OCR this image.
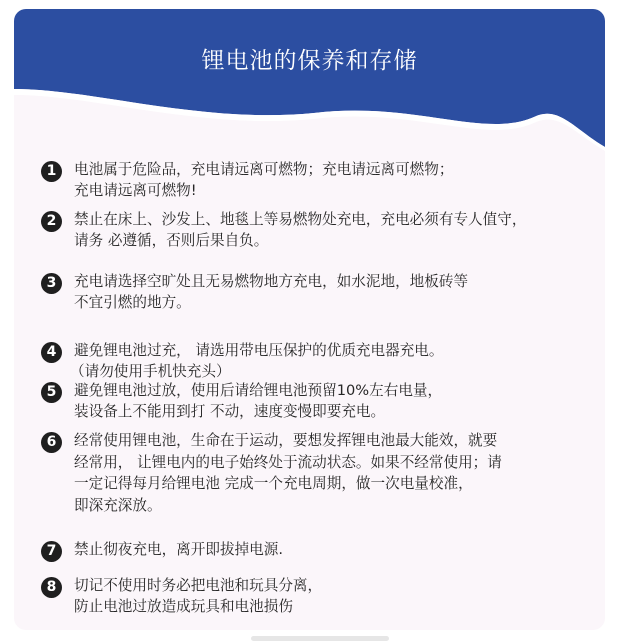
锂电池的保养和存储
1	电池属于危险品，充电请远离可燃物；充电请远离可燃物；
充电请远离可燃物!
2	禁止在床上、沙发上、地毯上等易燃物处充电，充电必须有专人值守，
请务 必遵循，否则后果自负。
3	充电请选择空旷处且无易燃物地方充电，如水泥地，地板砖等
不宜引燃的地方。
4	避免锂电池过充， 请选用带电压保护的优质充电器充电。
（请勿使用手机快充头）
5	避免锂电池过放，使用后请给锂电池预留10%左右电量，
装设备上不能用到打 不动，速度变慢即要充电。
6	经常使用锂电池，生命在于运动，要想发挥锂电池最大能效，就要
经常用， 让锂电内的电子始终处于流动状态。如果不经常使用；请
一定记得每月给锂电池 完成一个充电周期，做一次电量校准，
即深充深放。
7	禁止彻夜充电，离开即拔掉电源.
8	切记不使用时务必把电池和玩具分离，
防止电池过放造成玩具和电池损伤
